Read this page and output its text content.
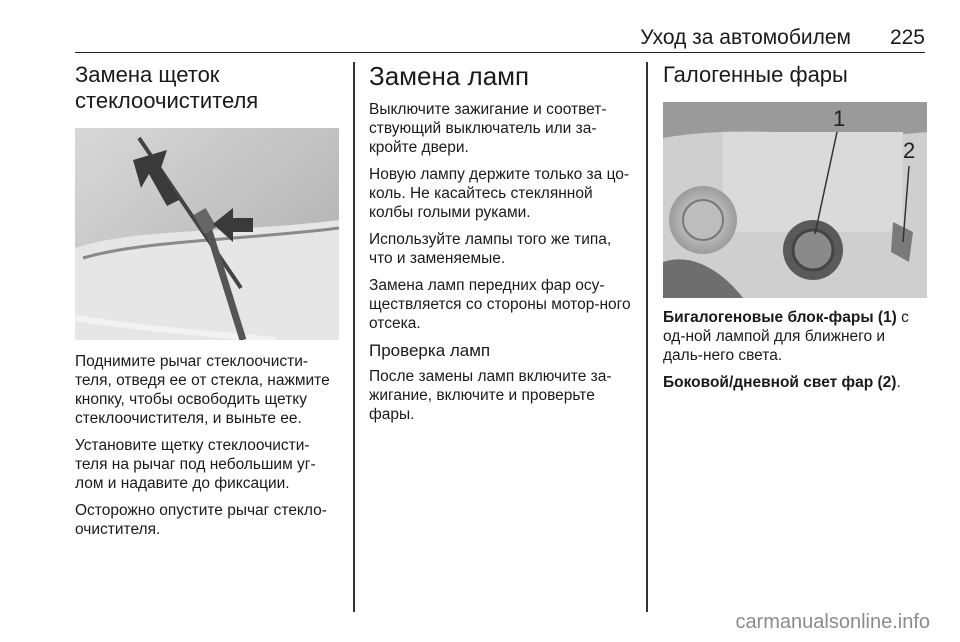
Уход за автомобилем 225
Замена щеток стеклоочистителя

Поднимите рычаг стеклоочисти-теля, отведя ее от стекла, нажмите кнопку, чтобы освободить щетку стеклоочистителя, и выньте ее.

Установите щетку стеклоочисти-теля на рычаг под небольшим уг-лом и надавите до фиксации.

Осторожно опустите рычаг стекло-очистителя.

Замена ламп

Выключите зажигание и соответ-ствующий выключатель или за-кройте двери.

Новую лампу держите только за цо-коль. Не касайтесь стеклянной колбы голыми руками.

Используйте лампы того же типа, что и заменяемые.

Замена ламп передних фар осу-ществляется со стороны мотор-ного отсека.

Проверка ламп

После замены ламп включите за-жигание, включите и проверьте фары.

Галогенные фары
1
2

Бигалогеновые блок-фары (1) с од-ной лампой для ближнего и даль-него света.

Боковой/дневной свет фар (2).

carmanualsonline.info
